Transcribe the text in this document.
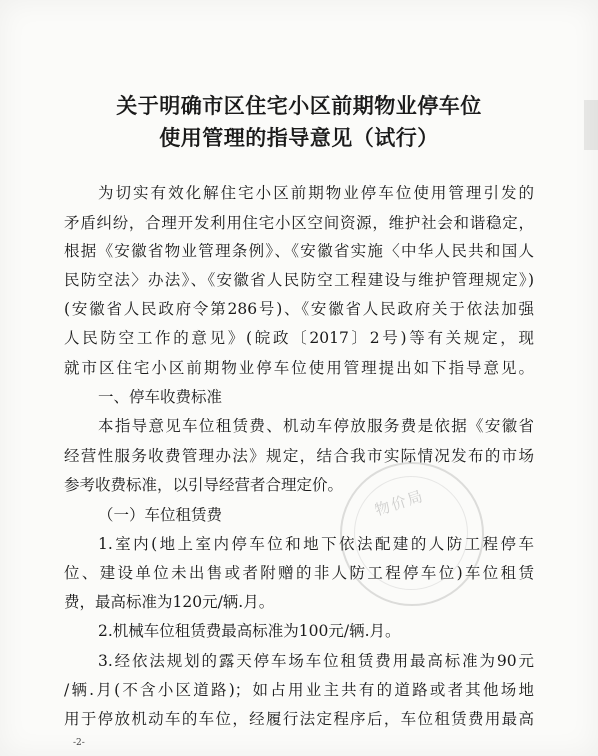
关于明确市区住宅小区前期物业停车位
使用管理的指导意见（试行）
物价局
为切实有效化解住宅小区前期物业停车位使用管理引发的
矛盾纠纷，合理开发利用住宅小区空间资源，维护社会和谐稳定，
根据《安徽省物业管理条例》、《安徽省实施〈中华人民共和国人
民防空法〉办法》、《安徽省人民防空工程建设与维护管理规定》)
(安徽省人民政府令第286号)、《安徽省人民政府关于依法加强
人民防空工作的意见》(皖政〔2017〕2号)等有关规定，现
就市区住宅小区前期物业停车位使用管理提出如下指导意见。
一、停车收费标准
本指导意见车位租赁费、机动车停放服务费是依据《安徽省
经营性服务收费管理办法》规定，结合我市实际情况发布的市场
参考收费标准，以引导经营者合理定价。
（一）车位租赁费
1.室内(地上室内停车位和地下依法配建的人防工程停车
位、建设单位未出售或者附赠的非人防工程停车位)车位租赁
费，最高标准为120元/辆.月。
2.机械车位租赁费最高标准为100元/辆.月。
3.经依法规划的露天停车场车位租赁费用最高标准为90元
/辆.月(不含小区道路)；如占用业主共有的道路或者其他场地
用于停放机动车的车位，经履行法定程序后，车位租赁费用最高
-2-
